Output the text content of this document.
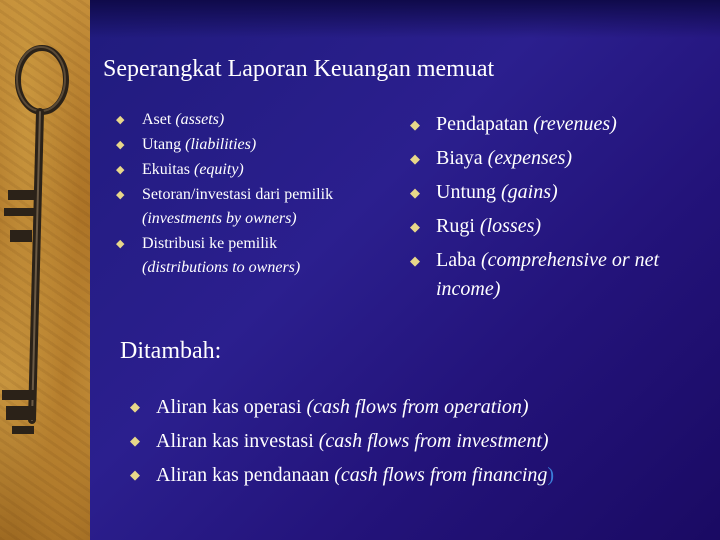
Seperangkat Laporan Keuangan memuat
◆ Aset (assets)
◆ Utang (liabilities)
◆ Ekuitas (equity)
◆ Setoran/investasi dari pemilik (investments by owners)
◆ Distribusi ke pemilik (distributions to owners)
◆ Pendapatan (revenues)
◆ Biaya (expenses)
◆ Untung (gains)
◆ Rugi (losses)
◆ Laba (comprehensive or net income)
Ditambah:
◆ Aliran kas operasi (cash flows from operation)
◆ Aliran kas investasi (cash flows from investment)
◆ Aliran kas pendanaan (cash flows from financing)
